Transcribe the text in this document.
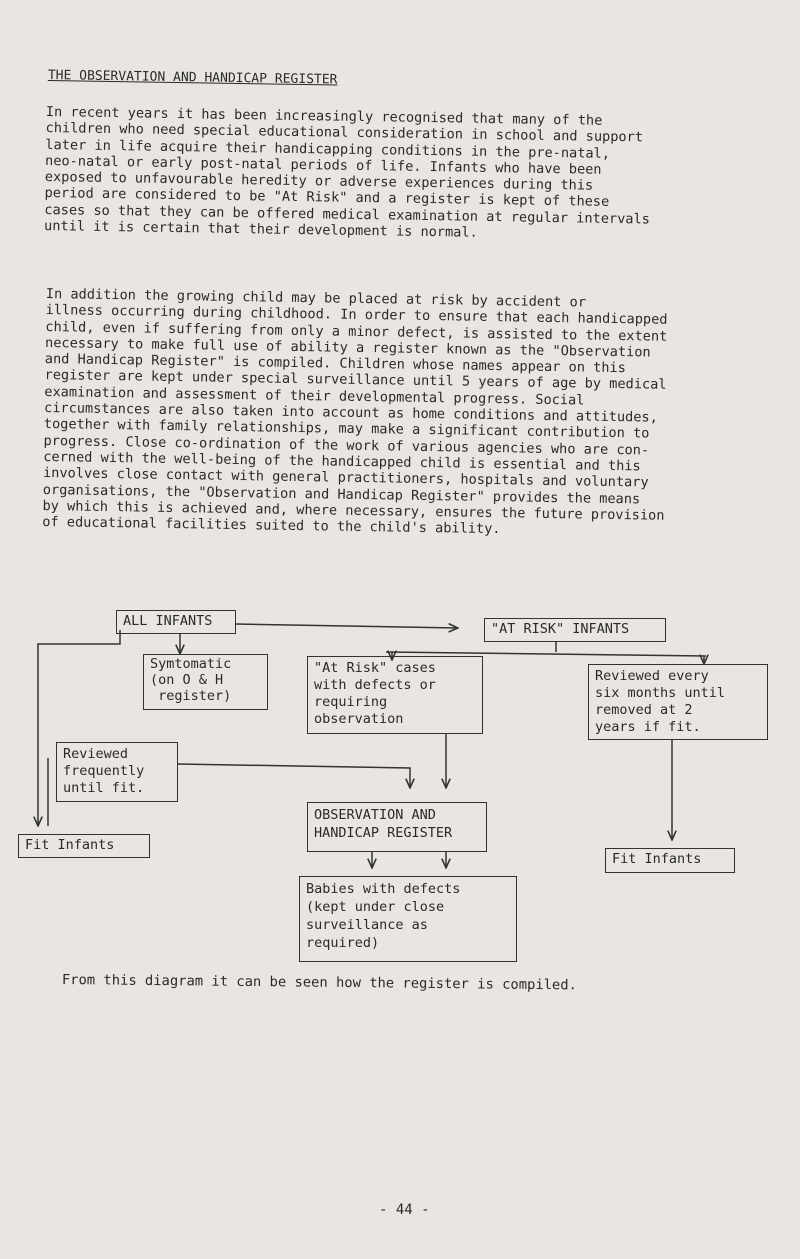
THE OBSERVATION AND HANDICAP REGISTER
In recent years it has been increasingly recognised that many of the
children who need special educational consideration in school and support
later in life acquire their handicapping conditions in the pre-natal,
neo-natal or early post-natal periods of life. Infants who have been
exposed to unfavourable heredity or adverse experiences during this
period are considered to be "At Risk" and a register is kept of these
cases so that they can be offered medical examination at regular intervals
until it is certain that their development is normal.
In addition the growing child may be placed at risk by accident or
illness occurring during childhood. In order to ensure that each handicapped
child, even if suffering from only a minor defect, is assisted to the extent
necessary to make full use of ability a register known as the "Observation
and Handicap Register" is compiled. Children whose names appear on this
register are kept under special surveillance until 5 years of age by medical
examination and assessment of their developmental progress. Social
circumstances are also taken into account as home conditions and attitudes,
together with family relationships, may make a significant contribution to
progress. Close co-ordination of the work of various agencies who are con-
cerned with the well-being of the handicapped child is essential and this
involves close contact with general practitioners, hospitals and voluntary
organisations, the "Observation and Handicap Register" provides the means
by which this is achieved and, where necessary, ensures the future provision
of educational facilities suited to the child's ability.
ALL INFANTS	"AT RISK" INFANTS
Symtomatic
(on O & H
register)
"At Risk" cases
with defects or
requiring
observation
Reviewed every
six months until
removed at 2
years if fit.
Reviewed
frequently
until fit.
OBSERVATION AND
HANDICAP REGISTER
Fit Infants
Fit Infants
Babies with defects
(kept under close
surveillance as
required)
From this diagram it can be seen how the register is compiled.
- 44 -
